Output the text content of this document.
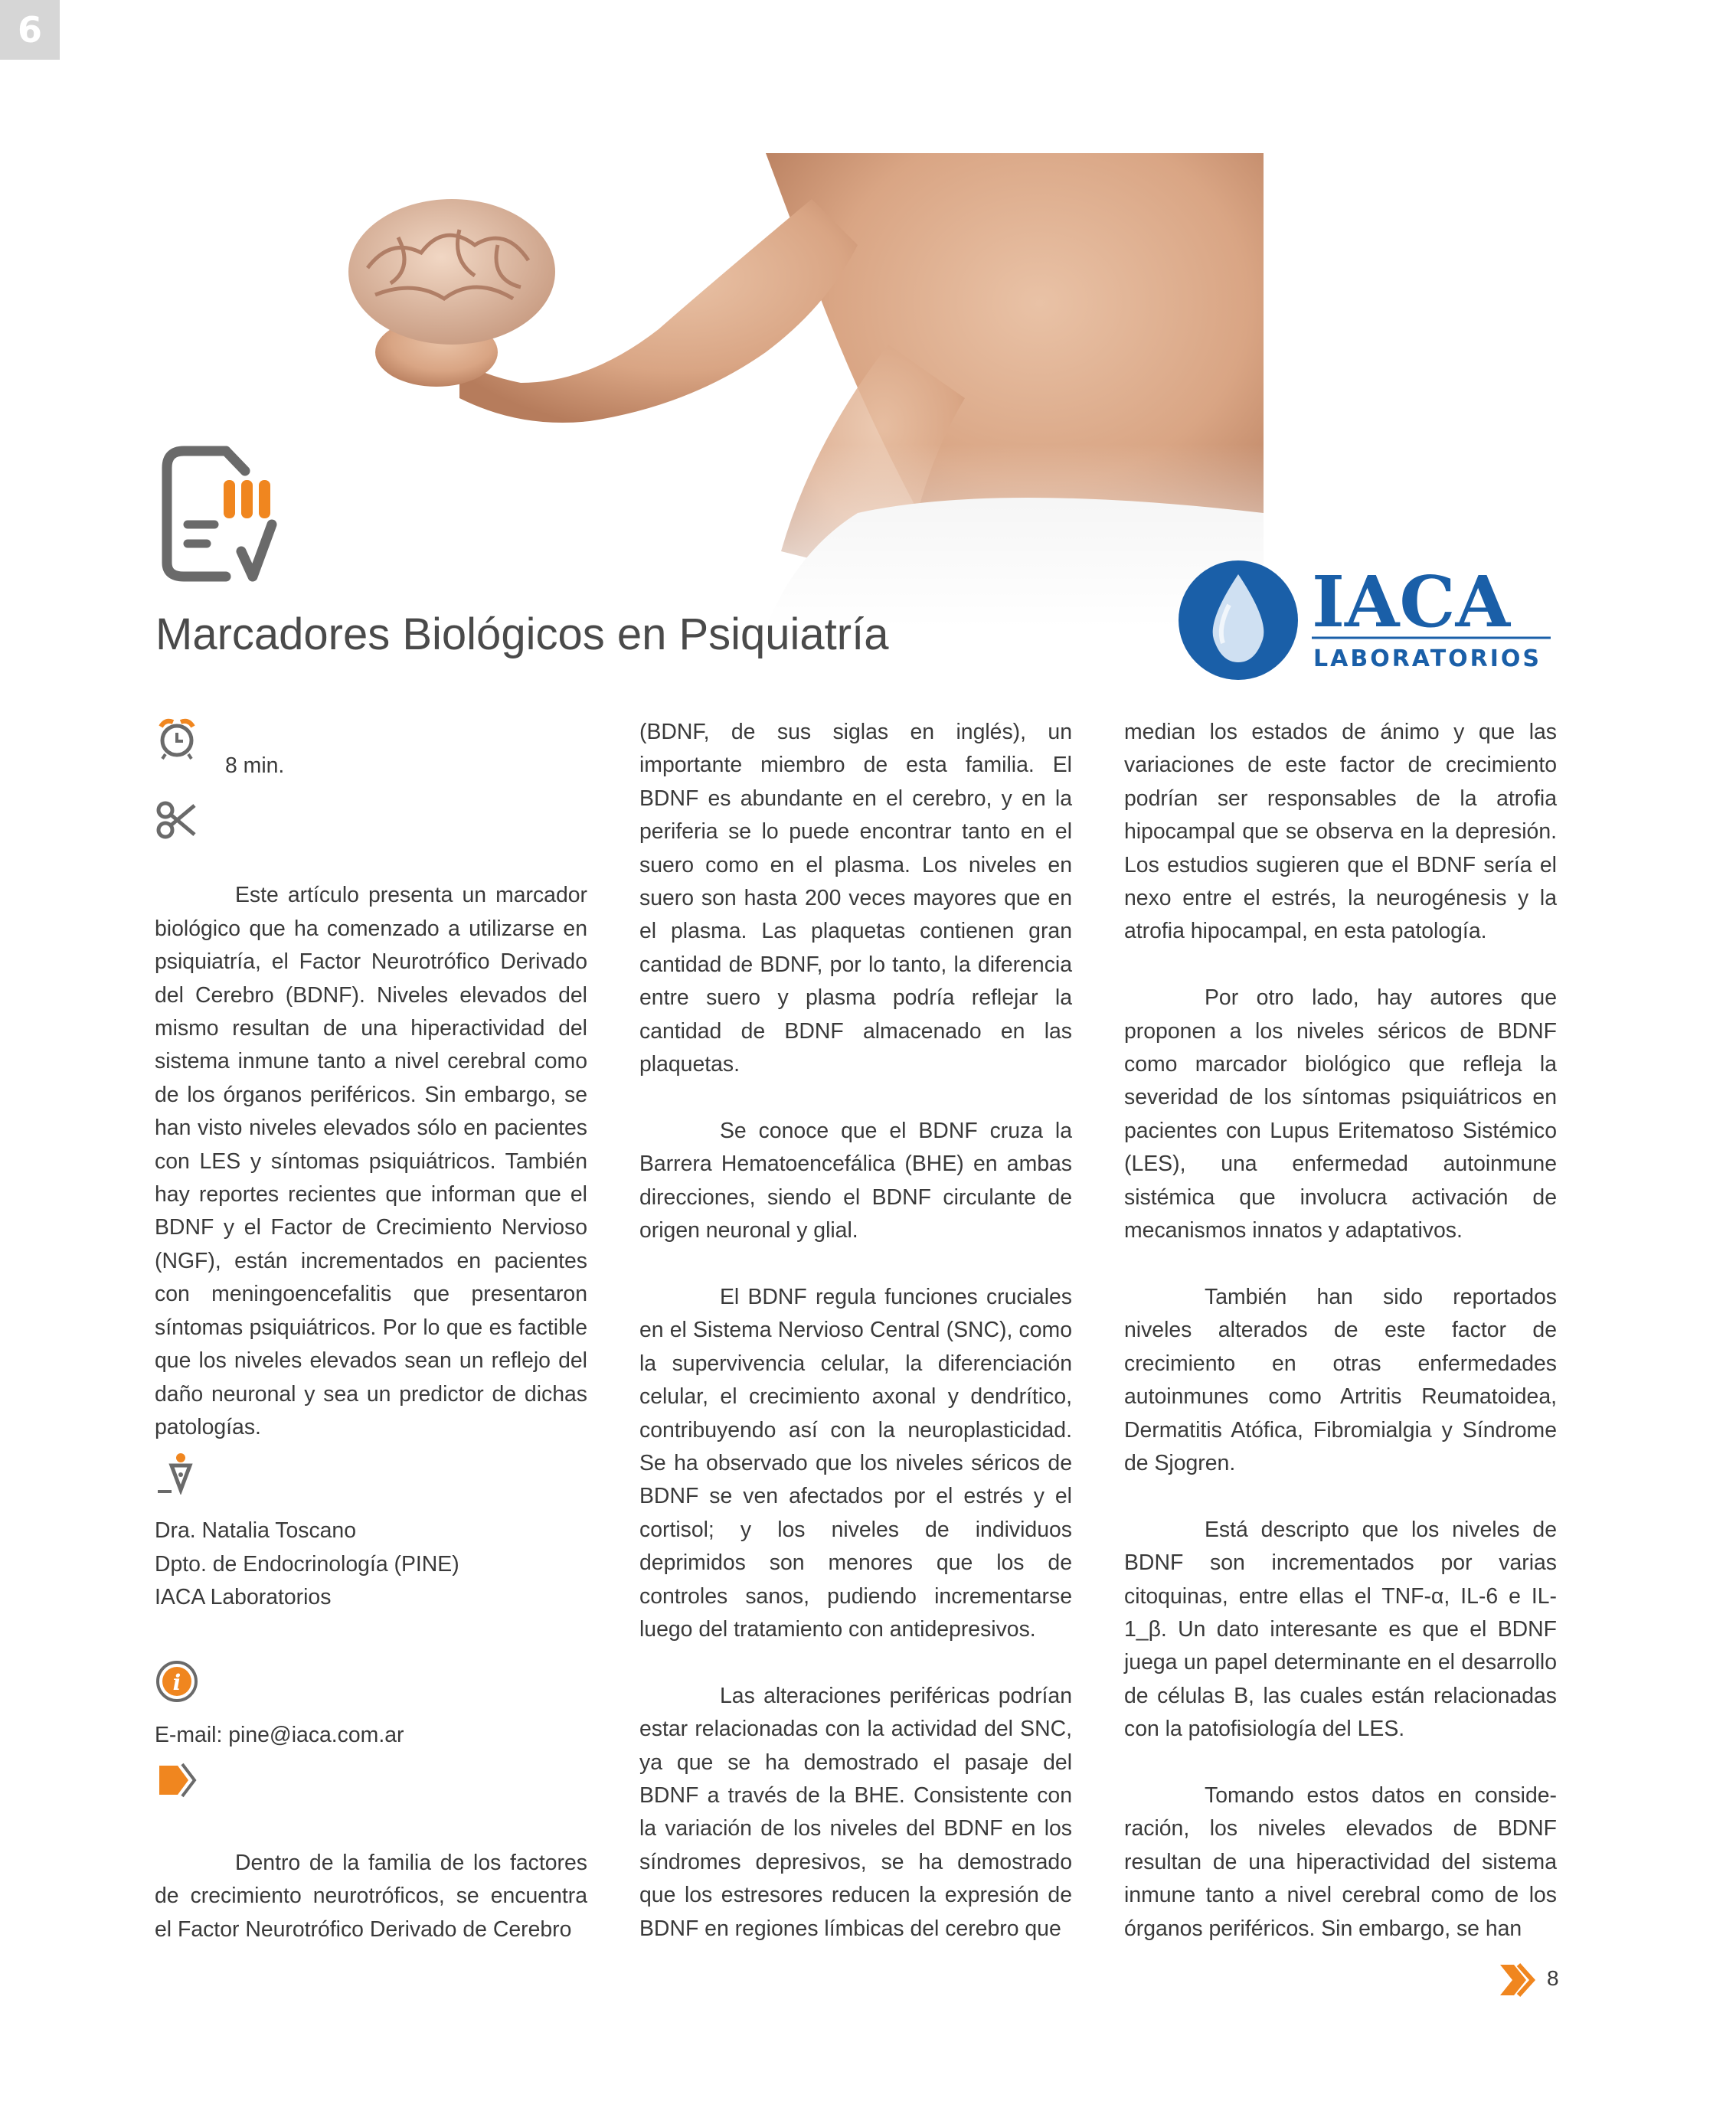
6
IACA
LABORATORIOS
Marcadores Biológicos en Psiquiatría

8 min.

Este artículo presenta un marcador biológico que ha comenzado a utilizarse en psiquiatría, el Factor Neurotrófico Derivado del Cerebro (BDNF). Niveles elevados del mismo resultan de una hiperactividad del sistema inmune tanto a nivel cerebral como de los órganos periféricos. Sin embargo, se han visto niveles elevados sólo en pacientes con LES y síntomas psiquiátricos. También hay reportes recientes que informan que el BDNF y el Factor de Crecimiento Nervioso (NGF), están incrementados en pacientes con meningoencefalitis que presentaron síntomas psiquiátricos. Por lo que es factible que los niveles elevados sean un reflejo del daño neuronal y sea un predictor de dichas patologías.

Dra. Natalia Toscano

Dpto. de Endocrinología (PINE)

IACA Laboratorios

i

E-mail: pine@iaca.com.ar

Dentro de la familia de los factores de crecimiento neurotróficos, se encuentra el Factor Neurotrófico Derivado de Cerebro

(BDNF, de sus siglas en inglés), un importante miembro de esta familia. El BDNF es abundante en el cerebro, y en la periferia se lo puede encontrar tanto en el suero como en el plasma. Los niveles en suero son hasta 200 veces mayores que en el plasma. Las plaquetas contienen gran cantidad de BDNF, por lo tanto, la diferencia entre suero y plasma podría reflejar la cantidad de BDNF almacenado en las plaquetas.

Se conoce que el BDNF cruza la Barrera Hematoencefálica (BHE) en ambas direcciones, siendo el BDNF circulante de origen neuronal y glial.

El BDNF regula funciones cruciales en el Sistema Nervioso Central (SNC), como la supervivencia celular, la diferenciación celular, el crecimiento axonal y dendrítico, contribuyendo así con la neuroplasticidad. Se ha observado que los niveles séricos de BDNF se ven afectados por el estrés y el cortisol; y los niveles de individuos deprimidos son menores que los de controles sanos, pudiendo incrementarse luego del tratamiento con antidepresivos.

Las alteraciones periféricas podrían estar relacionadas con la actividad del SNC, ya que se ha demostrado el pasaje del BDNF a través de la BHE. Consistente con la variación de los niveles del BDNF en los síndromes depresivos, se ha demostrado que los estresores reducen la expresión de BDNF en regiones límbicas del cerebro que

median los estados de ánimo y que las variaciones de este factor de crecimiento podrían ser responsables de la atrofia hipocampal que se observa en la depresión. Los estudios sugieren que el BDNF sería el nexo entre el estrés, la neurogénesis y la atrofia hipocampal, en esta patología.

Por otro lado, hay autores que proponen a los niveles séricos de BDNF como marcador biológico que refleja la severidad de los síntomas psiquiátricos en pacientes con Lupus Eritematoso Sistémico (LES), una enfermedad autoinmune sistémica que involucra activación de mecanismos innatos y adaptativos.

También han sido reportados niveles alterados de este factor de crecimiento en otras enfermedades autoinmunes como Artritis Reumatoidea, Dermatitis Atófica, Fibromialgia y Síndrome de Sjogren.

Está descripto que los niveles de BDNF son incrementados por varias citoquinas, entre ellas el TNF-α, IL-6 e IL-1_β. Un dato interesante es que el BDNF juega un papel determinante en el desarrollo de células B, las cuales están relacionadas con la patofisiología del LES.

Tomando estos datos en conside-ración, los niveles elevados de BDNF resultan de una hiperactividad del sistema inmune tanto a nivel cerebral como de los órganos periféricos. Sin embargo, se han

8
